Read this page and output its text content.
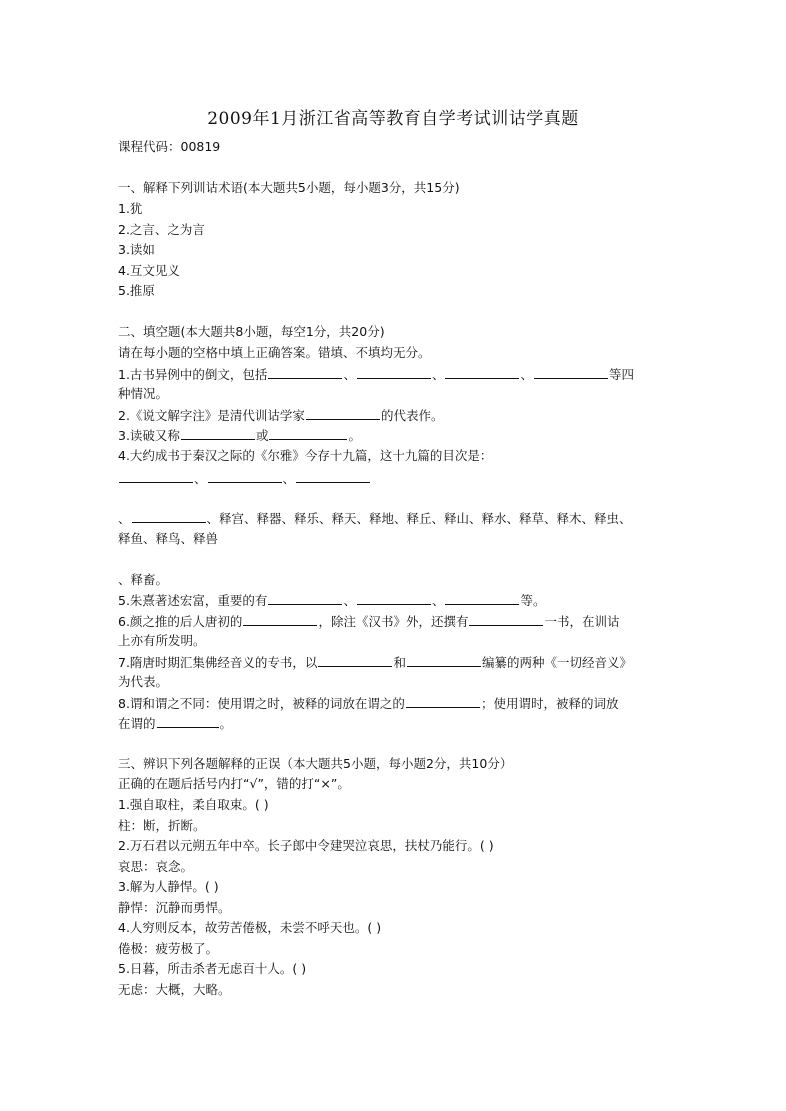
2009年1月浙江省高等教育自学考试训诂学真题
课程代码：00819
一、解释下列训诂术语(本大题共5小题，每小题3分，共15分)
1.犹
2.之言、之为言
3.读如
4.互文见义
5.推原
二、填空题(本大题共8小题，每空1分，共20分)
请在每小题的空格中填上正确答案。错填、不填均无分。
1.古书异例中的倒文，包括	、	、	、	等四
种情况。
2.《说文解字注》是清代训诂学家	的代表作。
3.读破又称	或	。
4.大约成书于秦汉之际的《尔雅》今存十九篇，这十九篇的目次是：
、	、
、	、释宫、释器、释乐、释天、释地、释丘、释山、释水、释草、释木、释虫、
释鱼、释鸟、释兽
、释畜。
5.朱熹著述宏富，重要的有	、	、	等。
6.颜之推的后人唐初的	，除注《汉书》外，还撰有	一书，在训诂
上亦有所发明。
7.隋唐时期汇集佛经音义的专书，以	和	编纂的两种《一切经音义》
为代表。
8.谓和谓之不同：使用谓之时，被释的词放在谓之的	；使用谓时，被释的词放
在谓的	。
三、辨识下列各题解释的正误（本大题共5小题，每小题2分，共10分）
正确的在题后括号内打“√”，错的打“×”。
1.强自取柱，柔自取束。( )
柱：断，折断。
2.万石君以元朔五年中卒。长子郎中令建哭泣哀思，扶杖乃能行。( )
哀思：哀念。
3.解为人静悍。( )
静悍：沉静而勇悍。
4.人穷则反本，故劳苦倦极，未尝不呼天也。( )
倦极：疲劳极了。
5.日暮，所击杀者无虑百十人。( )
无虑：大概，大略。
